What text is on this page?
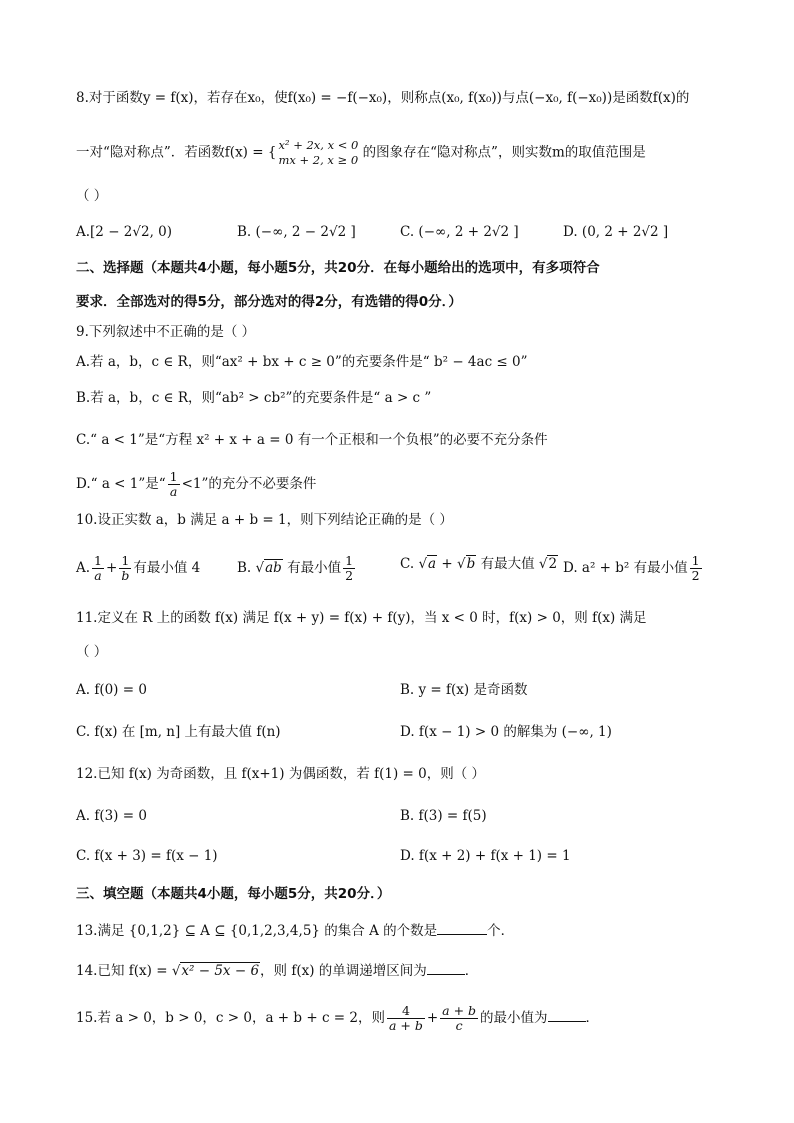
8.对于函数y = f(x)，若存在x₀，使f(x₀) = −f(−x₀)，则称点(x₀, f(x₀))与点(−x₀, f(−x₀))是函数f(x)的
一对“隐对称点”．若函数f(x) = { x² + 2x, x < 0
mx + 2, x ≥ 0 的图象存在“隐对称点”，则实数m的取值范围是
（ ）
A.[2 − 2√2, 0)	B. (−∞, 2 − 2√2 ]	C. (−∞, 2 + 2√2 ]	D. (0, 2 + 2√2 ]
二、选择题（本题共4小题，每小题5分，共20分．在每小题给出的选项中，有多项符合
要求．全部选对的得5分，部分选对的得2分，有选错的得0分．）
9.下列叙述中不正确的是（ ）
A.若 a，b，c ∈ R，则“ax² + bx + c ≥ 0”的充要条件是“ b² − 4ac ≤ 0”
B.若 a，b，c ∈ R，则“ab² > cb²”的充要条件是“ a > c ”
C.“ a < 1”是“方程 x² + x + a = 0 有一个正根和一个负根”的必要不充分条件
D.“ a < 1”是“ $\frac{1}{a} <1$”的充分不必要条件
10.设正实数 a，b 满足 a + b = 1，则下列结论正确的是（ ）
A. $\frac{1}{a} + \frac{1}{b}$ 有最小值 4	B. √ab 有最小值 $\frac{1}{2}$	C. √a + √b 有最大值 √2 D. a² + b² 有最小值 $\frac{1}{2}$
11.定义在 R 上的函数 f(x) 满足 f(x + y) = f(x) + f(y)，当 x < 0 时，f(x) > 0，则 f(x) 满足
（ ）
A. f(0) = 0	B. y = f(x) 是奇函数
C. f(x) 在 [m, n] 上有最大值 f(n)	D. f(x − 1) > 0 的解集为 (−∞, 1)
12.已知 f(x) 为奇函数，且 f(x+1) 为偶函数，若 f(1) = 0，则（ ）
A. f(3) = 0	B. f(3) = f(5)
C. f(x + 3) = f(x − 1)	D. f(x + 2) + f(x + 1) = 1
三、填空题（本题共4小题，每小题5分，共20分．）
13.满足 {0,1,2} ⊆ A ⊆ {0,1,2,3,4,5} 的集合 A 的个数是	个．
14.已知 f(x) = √x² − 5x − 6，则 f(x) 的单调递增区间为	．
15.若 a > 0，b > 0，c > 0，a + b + c = 2，则 $\frac{4}{a + b} + \frac{a + b}{c}$ 的最小值为	．
